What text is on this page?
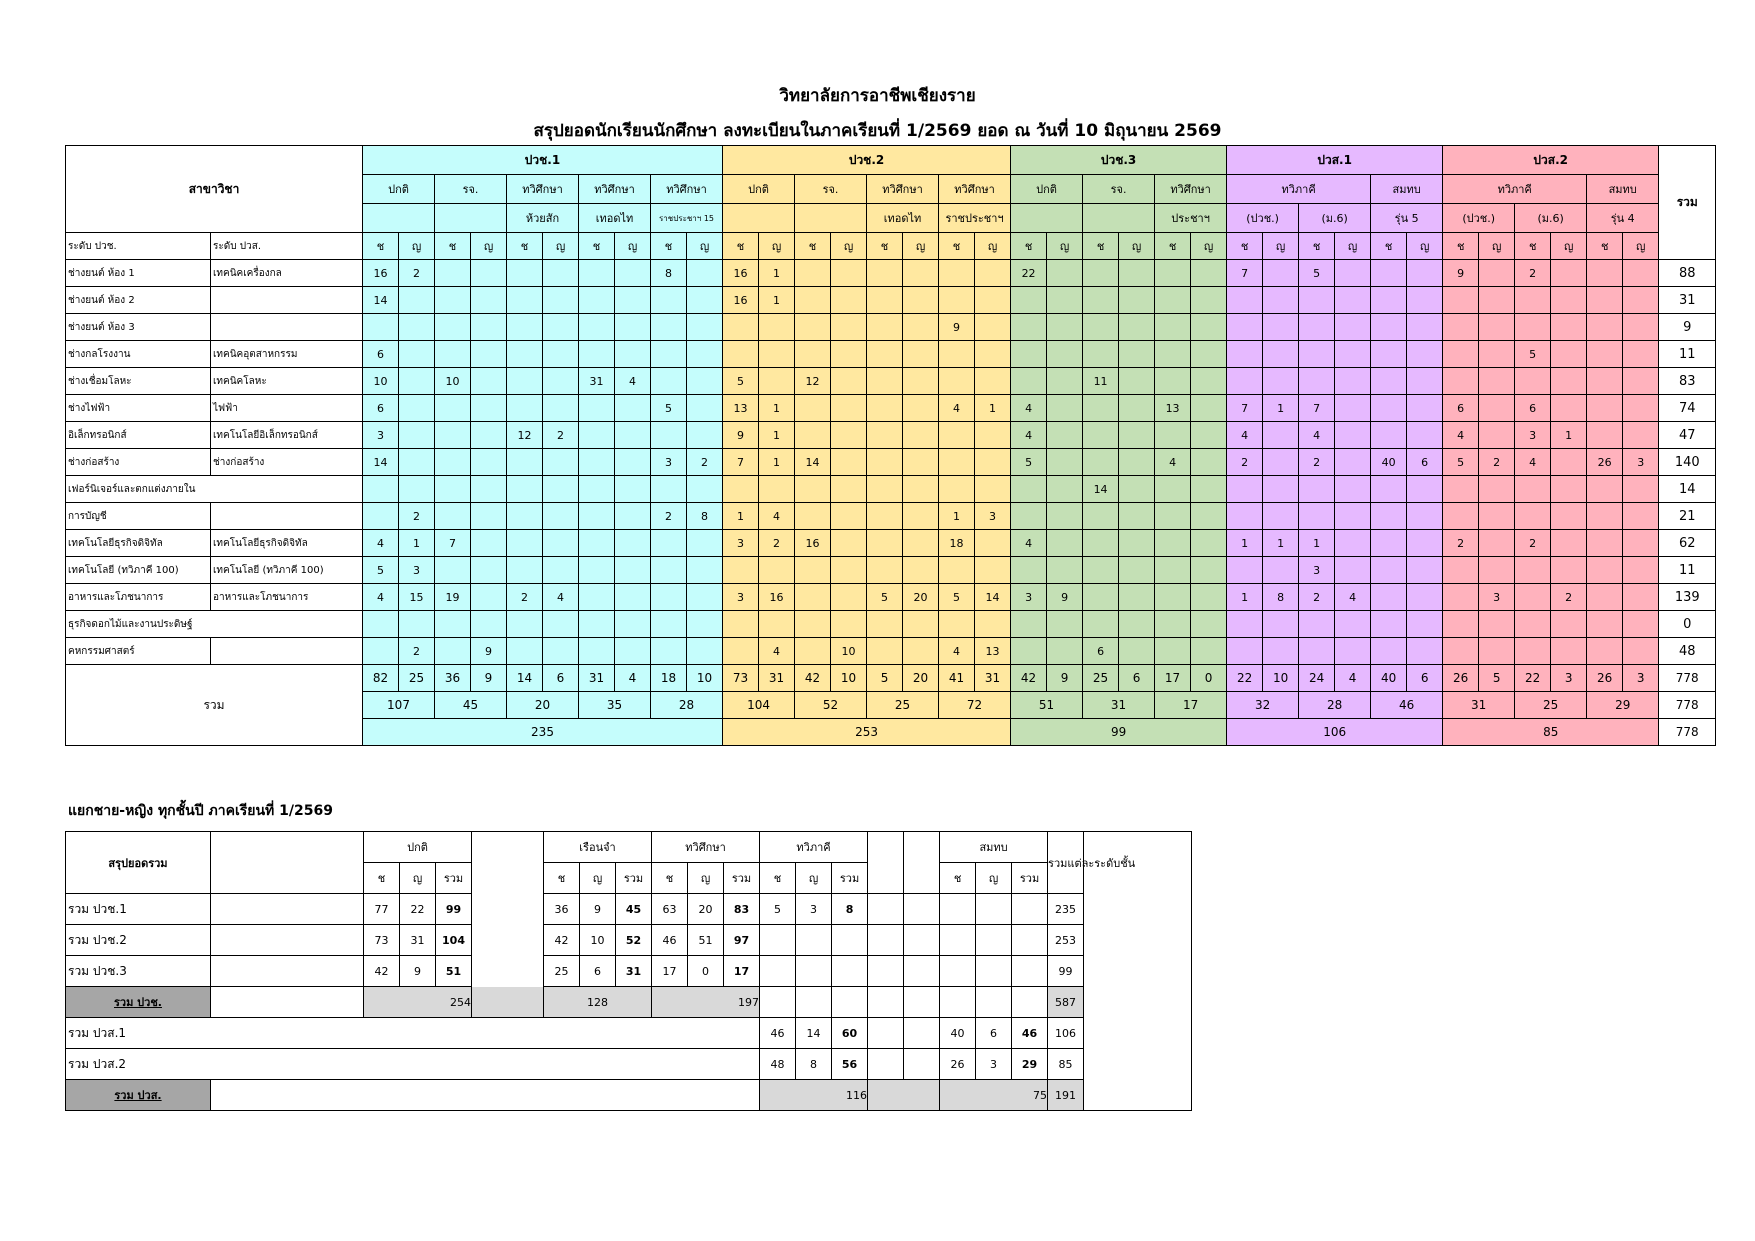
วิทยาลัยการอาชีพเชียงราย
สรุปยอดนักเรียนนักศึกษา ลงทะเบียนในภาคเรียนที่ 1/2569 ยอด ณ วันที่ 10 มิถุนายน 2569
สาขาวิชา		ปวช.1										ปวช.2								ปวช.3						ปวส.1						ปวส.2						รวม
		ปกติ		รจ.		ทวิศึกษา		ทวิศึกษา		ทวิศึกษา		ปกติ		รจ.		ทวิศึกษา		ทวิศึกษา		ปกติ		รจ.		ทวิศึกษา		ทวิภาคี				สมทบ		ทวิภาคี				สมทบ		
						ห้วยสัก		เทอดไท		ราชประชาฯ 15						เทอดไท		ราชประชาฯ						ประชาฯ		(ปวช.)		(ม.6)		รุ่น 5		(ปวช.)		(ม.6)		รุ่น 4		
ระดับ ปวช.	ระดับ ปวส.	ช	ญ	ช	ญ	ช	ญ	ช	ญ	ช	ญ	ช	ญ	ช	ญ	ช	ญ	ช	ญ	ช	ญ	ช	ญ	ช	ญ	ช	ญ	ช	ญ	ช	ญ	ช	ญ	ช	ญ	ช	ญ	
ช่างยนต์ ห้อง 1	เทคนิคเครื่องกล	16	2							8		16	1							22						7		5				9		2				88
ช่างยนต์ ห้อง 2		14										16	1																									31
ช่างยนต์ ห้อง 3																		9																				9
ช่างกลโรงงาน	เทคนิคอุตสาหกรรม	6																																5				11
ช่างเชื่อมโลหะ	เทคนิคโลหะ	10		10				31	4			5		12								11																83
ช่างไฟฟ้า	ไฟฟ้า	6								5		13	1					4	1	4				13		7	1	7				6		6				74
อิเล็กทรอนิกส์	เทคโนโลยีอิเล็กทรอนิกส์	3				12	2					9	1							4						4		4				4		3	1			47
ช่างก่อสร้าง	ช่างก่อสร้าง	14								3	2	7	1	14						5				4		2		2		40	6	5	2	4		26	3	140
เฟอร์นิเจอร์และตกแต่งภายใน																						14																14
การบัญชี			2							2	8	1	4					1	3																			21
เทคโนโลยีธุรกิจดิจิทัล	เทคโนโลยีธุรกิจดิจิทัล	4	1	7								3	2	16				18		4						1	1	1				2		2				62
เทคโนโลยี (ทวิภาคี 100)	เทคโนโลยี (ทวิภาคี 100)	5	3																									3										11
อาหารและโภชนาการ	อาหารและโภชนาการ	4	15	19		2	4					3	16			5	20	5	14	3	9					1	8	2	4				3		2			139
ธุรกิจดอกไม้และงานประดิษฐ์																																						0
คหกรรมศาสตร์			2		9								4		10			4	13			6																48
รวม		82	25	36	9	14	6	31	4	18	10	73	31	42	10	5	20	41	31	42	9	25	6	17	0	22	10	24	4	40	6	26	5	22	3	26	3	778
		107		45		20		35		28		104		52		25		72		51		31		17		32		28		46		31		25		29		778
		235										253								99						106						85						778
แยกชาย-หญิง ทุกชั้นปี ภาคเรียนที่ 1/2569
สรุปยอดรวม		ปกติ				เรือนจำ			ทวิศึกษา			ทวิภาคี					สมทบ			รวมแต่ละระดับชั้น
		ช	ญ	รวม		ช	ญ	รวม	ช	ญ	รวม	ช	ญ	รวม			ช	ญ	รวม	
รวม ปวช.1		77	22	99		36	9	45	63	20	83	5	3	8						235
รวม ปวช.2		73	31	104		42	10	52	46	51	97									253
รวม ปวช.3		42	9	51		25	6	31	17	0	17									99
รวม ปวช.		254				128			197											587
รวม ปวส.1												46	14	60			40	6	46	106
รวม ปวส.2												48	8	56			26	3	29	85
รวม ปวส.												116					75			191
